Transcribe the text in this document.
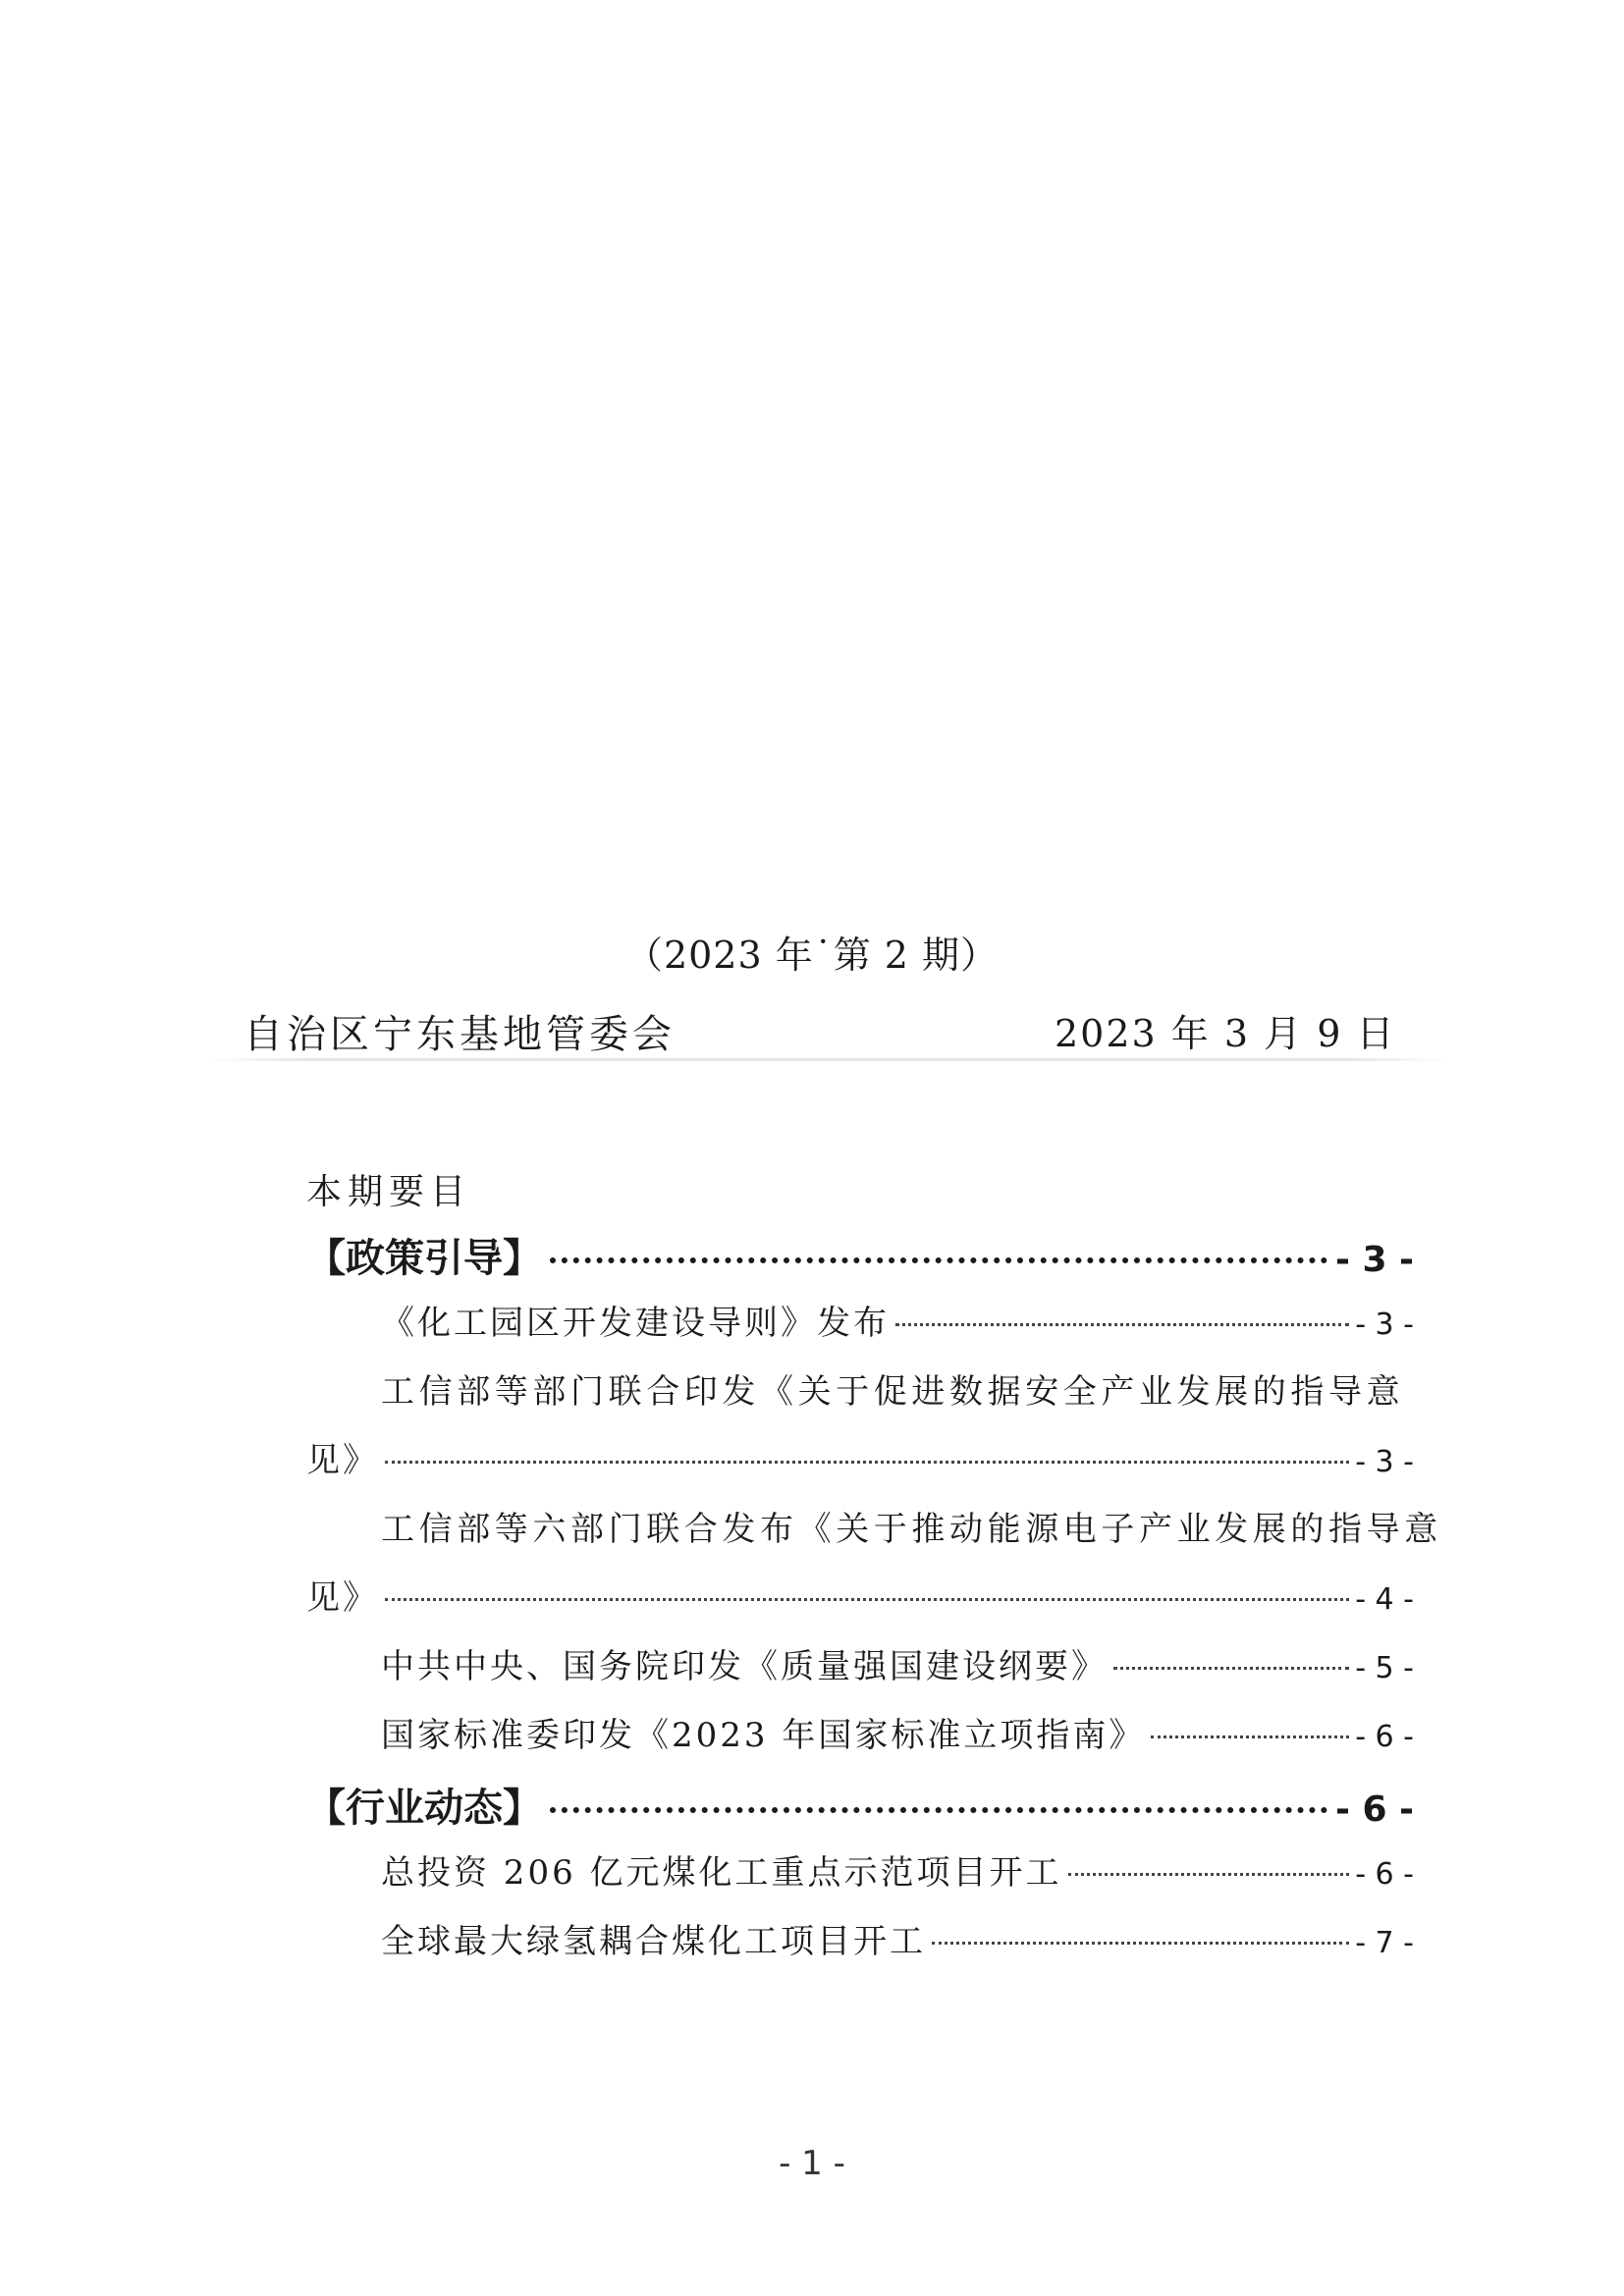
（2023 年˙第 2 期）
自治区宁东基地管委会	2023 年 3 月 9 日
本期要目
【政策引导】	- 3 -
《化工园区开发建设导则》发布	- 3 -
工信部等部门联合印发《关于促进数据安全产业发展的指导意
见》	- 3 -
工信部等六部门联合发布《关于推动能源电子产业发展的指导意
见》	- 4 -
中共中央、国务院印发《质量强国建设纲要》	- 5 -
国家标准委印发《2023 年国家标准立项指南》	- 6 -
【行业动态】	- 6 -
总投资 206 亿元煤化工重点示范项目开工	- 6 -
全球最大绿氢耦合煤化工项目开工	- 7 -
- 1 -
